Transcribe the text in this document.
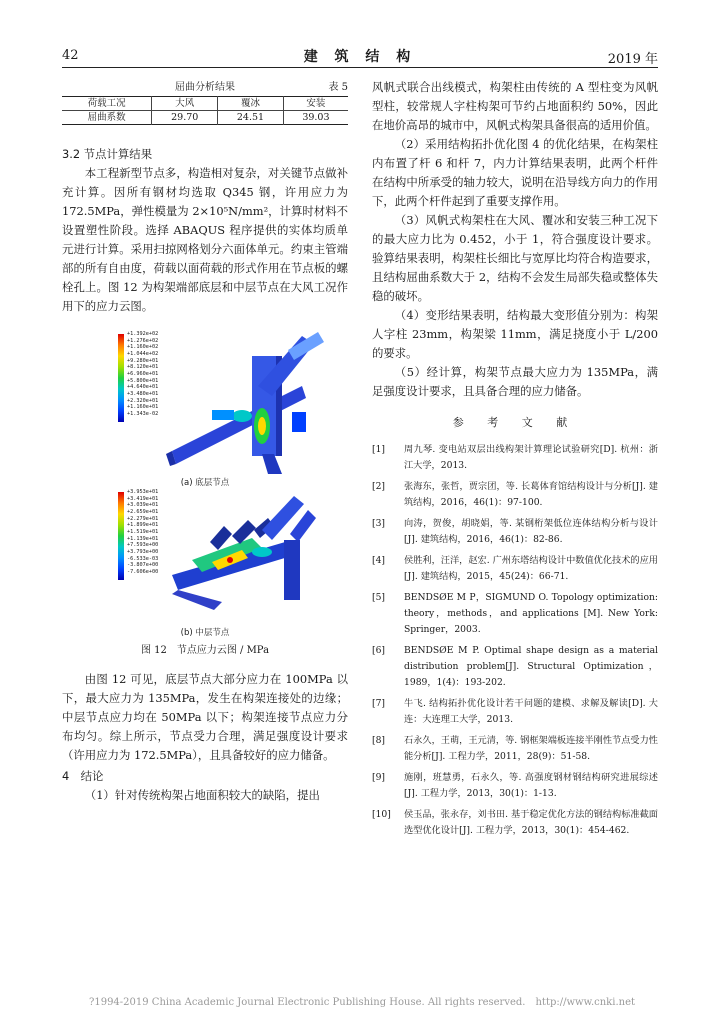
42	建 筑 结 构	2019 年
屈曲分析结果	表 5
荷载工况	大风	覆冰	安装
屈曲系数	29.70	24.51	39.03
3.2 节点计算结果

本工程新型节点多，构造相对复杂，对关键节点做补充计算。因所有钢材均选取 Q345 钢，许用应力为 172.5MPa，弹性模量为 2×10⁵N/mm²，计算时材料不设置塑性阶段。选择 ABAQUS 程序提供的实体均质单元进行计算。采用扫掠网格划分六面体单元。约束主管端部的所有自由度，荷载以面荷载的形式作用在节点板的螺栓孔上。图 12 为构架端部底层和中层节点在大风工况作用下的应力云图。

+1.392e+02
+1.276e+02
+1.160e+02
+1.044e+02
+9.280e+01
+8.120e+01
+6.960e+01
+5.800e+01
+4.640e+01
+3.480e+01
+2.320e+01
+1.160e+01
+1.343e-02
(a) 底层节点
+3.953e+01
+3.419e+01
+3.039e+01
+2.659e+01
+2.279e+01
+1.899e+01
+1.519e+01
+1.139e+01
+7.593e+00
+3.793e+00
-6.533e-03
-3.807e+00
-7.606e+00
(b) 中层节点
图 12　节点应力云图 / MPa

由图 12 可见，底层节点大部分应力在 100MPa 以下，最大应力为 135MPa，发生在构架连接处的边缘；中层节点应力均在 50MPa 以下；构架连接节点应力分布均匀。综上所示，节点受力合理，满足强度设计要求（许用应力为 172.5MPa），且具备较好的应力储备。

4　结论

（1）针对传统构架占地面积较大的缺陷，提出

风帆式联合出线模式，构架柱由传统的 A 型柱变为风帆型柱，较常规人字柱构架可节约占地面积约 50%，因此在地价高昂的城市中，风帆式构架具备很高的适用价值。

（2）采用结构拓扑优化图 4 的优化结果，在构架柱内布置了杆 6 和杆 7，内力计算结果表明，此两个杆件在结构中所承受的轴力较大，说明在沿导线方向力的作用下，此两个杆件起到了重要支撑作用。

（3）风帆式构架柱在大风、覆冰和安装三种工况下的最大应力比为 0.452，小于 1，符合强度设计要求。验算结果表明，构架柱长细比与宽厚比均符合构造要求，且结构屈曲系数大于 2，结构不会发生局部失稳或整体失稳的破坏。

（4）变形结果表明，结构最大变形值分别为：构架人字柱 23mm，构架梁 11mm，满足挠度小于 L/200 的要求。

（5）经计算，构架节点最大应力为 135MPa，满足强度设计要求，且具备合理的应力储备。

参 考 文 献
[1] 周九琴. 变电站双层出线构架计算理论试验研究[D]. 杭州：浙江大学，2013.
[2] 张海东，张哲，贾宗团，等. 长葛体育馆结构设计与分析[J]. 建筑结构，2016，46(1)：97-100.
[3] 向涛，贺俊，胡晓娟，等. 某钢桁架低位连体结构分析与设计[J]. 建筑结构，2016，46(1)：82-86.
[4] 侯胜利，汪洋，赵宏. 广州东塔结构设计中数值优化技术的应用[J]. 建筑结构，2015，45(24)：66-71.
[5] BENDSØE M P，SIGMUND O. Topology optimization: theory，methods，and applications [M]. New York: Springer，2003.
[6] BENDSØE M P. Optimal shape design as a material distribution problem[J]. Structural Optimization，1989，1(4)：193-202.
[7] 牛飞. 结构拓扑优化设计若干问题的建模、求解及解读[D]. 大连：大连理工大学，2013.
[8] 石永久，王萌，王元清，等. 钢框架端板连接半刚性节点受力性能分析[J]. 工程力学，2011，28(9)：51-58.
[9] 施刚，班慧勇，石永久，等. 高强度钢材钢结构研究进展综述[J]. 工程力学，2013，30(1)：1-13.
[10] 侯玉品，张永存，刘书田. 基于稳定优化方法的钢结构标准截面选型优化设计[J]. 工程力学，2013，30(1)：454-462.
?1994-2019 China Academic Journal Electronic Publishing House. All rights reserved.　http://www.cnki.net
